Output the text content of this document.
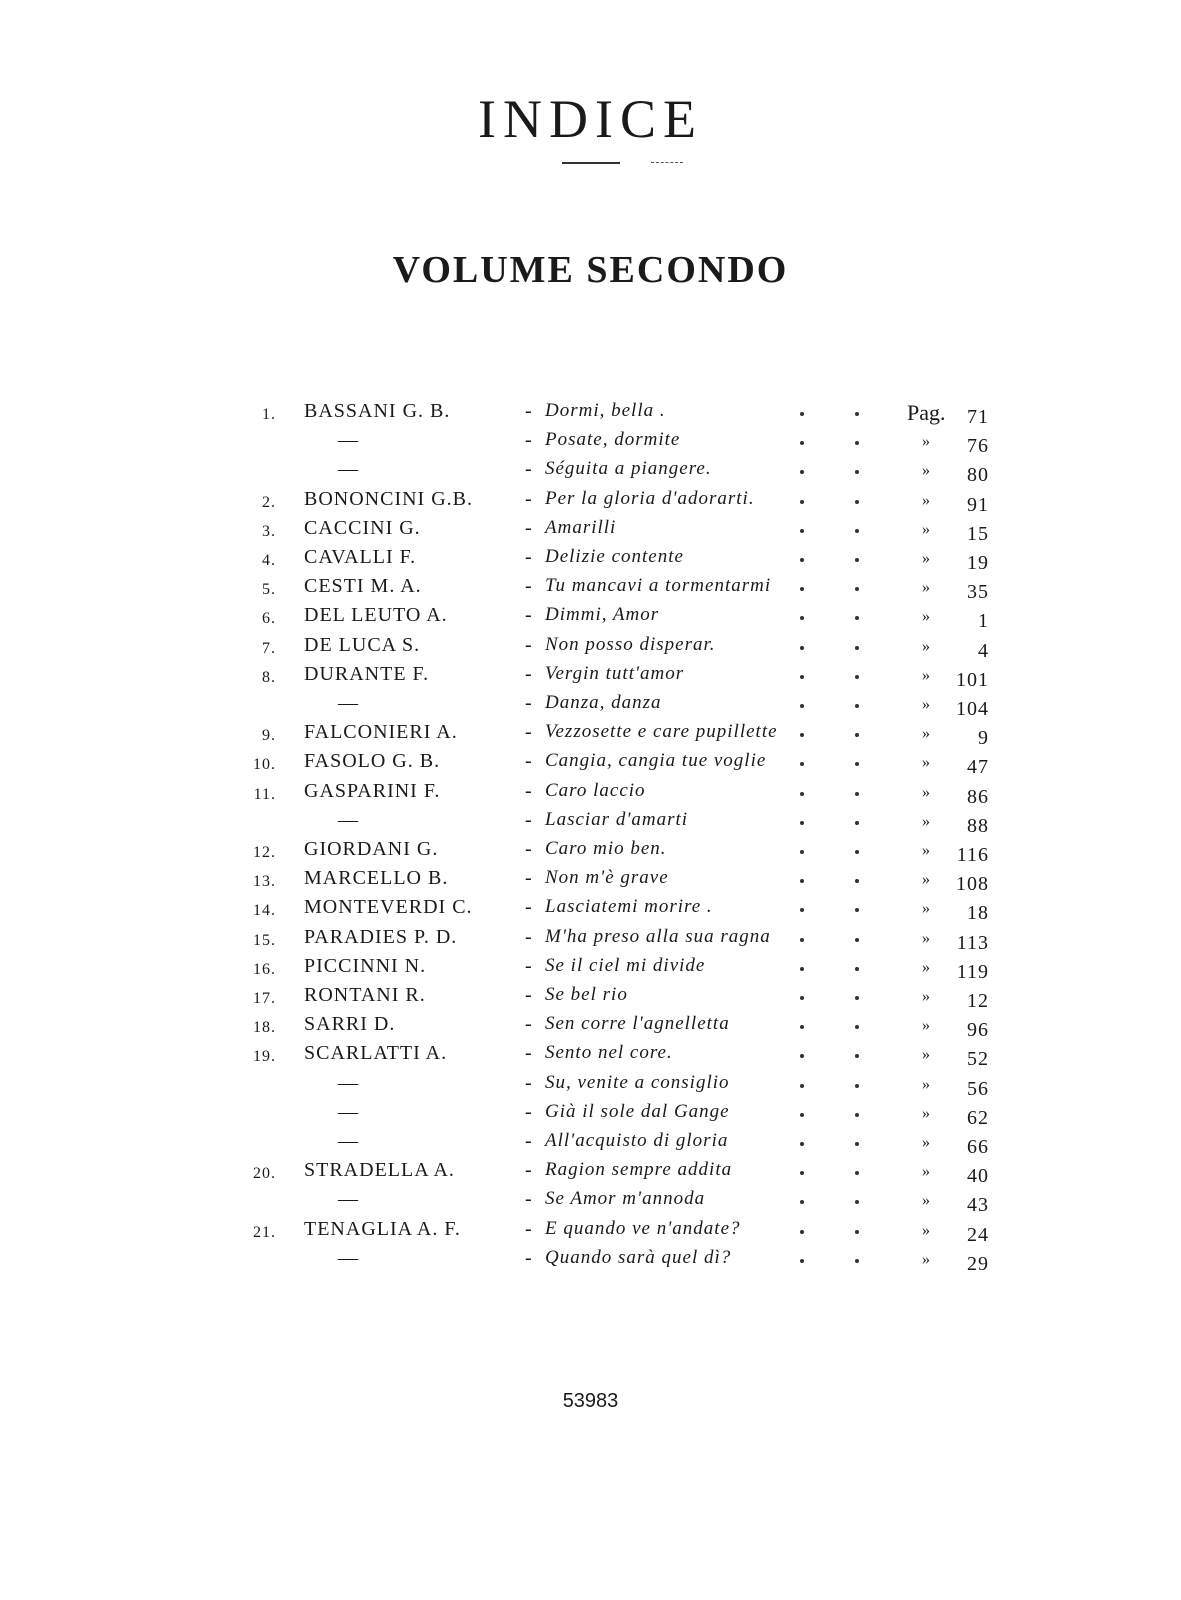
INDICE
VOLUME SECONDO
1. BASSANI G. B.	- Dormi, bella .	Pag. 71
—	- Posate, dormite	» 76
—	- Séguita a piangere.	» 80
2. BONONCINI G.B.	- Per la gloria d'adorarti.	» 91
3. CACCINI G.	- Amarilli	» 15
4. CAVALLI F.	- Delizie contente	» 19
5. CESTI M. A.	- Tu mancavi a tormentarmi	» 35
6. DEL LEUTO A.	- Dimmi, Amor	» 1
7. DE LUCA S.	- Non posso disperar.	» 4
8. DURANTE F.	- Vergin tutt'amor	» 101
—	- Danza, danza	» 104
9. FALCONIERI A.	- Vezzosette e care pupillette	» 9
10. FASOLO G. B.	- Cangia, cangia tue voglie	» 47
11. GASPARINI F.	- Caro laccio	» 86
—	- Lasciar d'amarti	» 88
12. GIORDANI G.	- Caro mio ben.	» 116
13. MARCELLO B.	- Non m'è grave	» 108
14. MONTEVERDI C.	- Lasciatemi morire .	» 18
15. PARADIES P. D.	- M'ha preso alla sua ragna	» 113
16. PICCINNI N.	- Se il ciel mi divide	» 119
17. RONTANI R.	- Se bel rio	» 12
18. SARRI D.	- Sen corre l'agnelletta	» 96
19. SCARLATTI A.	- Sento nel core.	» 52
—	- Su, venite a consiglio	» 56
—	- Già il sole dal Gange	» 62
—	- All'acquisto di gloria	» 66
20. STRADELLA A.	- Ragion sempre addita	» 40
—	- Se Amor m'annoda	» 43
21. TENAGLIA A. F.	- E quando ve n'andate?	» 24
—	- Quando sarà quel dì?	» 29
53983
